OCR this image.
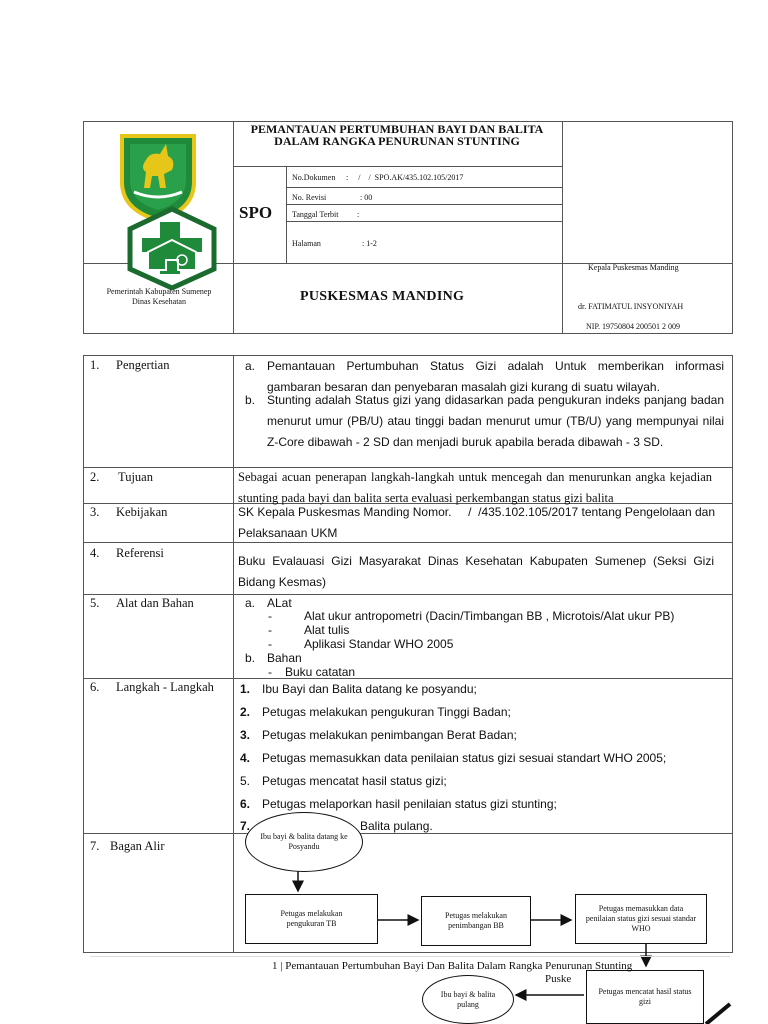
Pemerintah Kabupaten Sumenep
Dinas Kesehatan
PEMANTAUAN PERTUMBUHAN BAYI DAN BALITA DALAM RANGKA PENURUNAN STUNTING
SPO
No.Dokumen :     /    /  SPO.AK/435.102.105/2017
No. Revisi	: 00
Tanggal Terbit :
Halaman	: 1-2
PUSKESMAS MANDING
Kepala Puskesmas Manding
dr. FATIMATUL INSYONIYAH
NIP. 19750804 200501 2 009
1. Pengertian	a. Pemantauan Pertumbuhan Status Gizi adalah Untuk memberikan informasi gambaran besaran dan penyebaran masalah gizi kurang di suatu wilayah.
b. Stunting adalah Status gizi yang didasarkan pada pengukuran indeks panjang badan menurut umur (PB/U) atau tinggi badan menurut umur (TB/U) yang mempunyai nilai Z-Core dibawah - 2 SD dan menjadi buruk apabila berada dibawah - 3 SD.
2. Tujuan	Sebagai acuan penerapan langkah-langkah untuk mencegah dan menurunkan angka kejadian stunting pada bayi dan balita serta evaluasi perkembangan status gizi balita
3. Kebijakan	SK Kepala Puskesmas Manding Nomor.     /  /435.102.105/2017 tentang Pengelolaan dan Pelaksanaan UKM
4. Referensi
Buku Evalauasi Gizi Masyarakat Dinas Kesehatan Kabupaten Sumenep (Seksi Gizi Bidang Kesmas)
5. Alat dan Bahan	a. ALat
-	Alat ukur antropometri (Dacin/Timbangan BB , Microtois/Alat ukur PB)
-	Alat tulis
-	Aplikasi Standar WHO 2005
b. Bahan
- Buku catatan
6. Langkah - Langkah 1. Ibu Bayi dan Balita datang ke posyandu;
2. Petugas melakukan pengukuran Tinggi Badan;
3. Petugas melakukan penimbangan Berat Badan;
4. Petugas memasukkan data penilaian status gizi sesuai standart WHO 2005;
5. Petugas mencatat hasil status gizi;
6. Petugas melaporkan hasil penilaian status gizi stunting;
7.	Balita pulang.
7. Bagan Alir
Ibu bayi & balita datang ke Posyandu
Petugas melakukan pengukuran TB
Petugas melakukan penimbangan BB
Petugas memasukkan data penilaian status gizi sesuai standar WHO
Petugas mencatat hasil status gizi
Ibu bayi & balita pulang
1 | Pemantauan Pertumbuhan Bayi Dan Balita Dalam Rangka Penurunan Stunting
Puske
